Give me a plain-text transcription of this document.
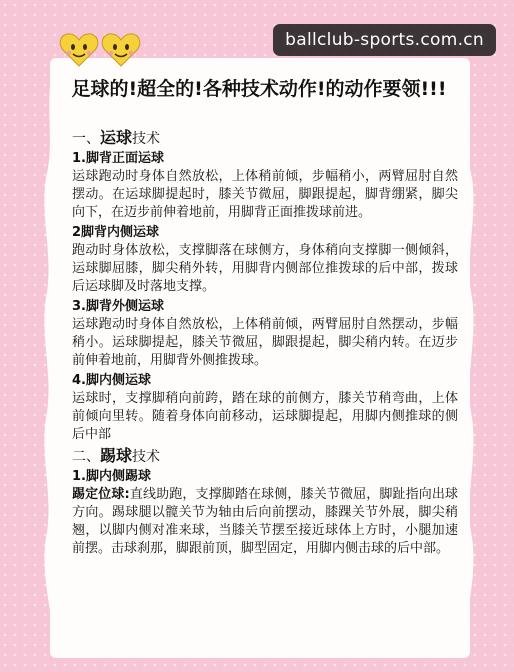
ballclub-sports.com.cn
足球的!超全的!各种技术动作!的动作要领!!!
一、运球技术
1.脚背正面运球

运球跑动时身体自然放松，上体稍前倾，步幅稍小，两臂屈肘自然摆动。在运球脚提起时，膝关节微屈，脚跟提起，脚背绷紧，脚尖向下，在迈步前伸着地前，用脚背正面推拨球前进。

2脚背内侧运球

跑动时身体放松，支撑脚落在球侧方，身体稍向支撑脚一侧倾斜，运球脚屈膝，脚尖稍外转，用脚背内侧部位推拨球的后中部，拨球后运球脚及时落地支撑。

3.脚背外侧运球

运球跑动时身体自然放松，上体稍前倾，两臂屈肘自然摆动，步幅稍小。运球脚提起，膝关节微屈，脚跟提起，脚尖稍内转。在迈步前伸着地前，用脚背外侧推拨球。

4.脚内侧运球

运球时，支撑脚稍向前跨，踏在球的前侧方，膝关节稍弯曲，上体前倾向里转。随着身体向前移动，运球脚提起，用脚内侧推球的侧后中部

二、踢球技术
1.脚内侧踢球

踢定位球:直线助跑，支撑脚踏在球侧，膝关节微屈，脚趾指向出球方向。踢球腿以髋关节为轴由后向前摆动，膝踝关节外展，脚尖稍翘，以脚内侧对准来球，当膝关节摆至接近球体上方时，小腿加速前摆。击球刹那，脚跟前顶，脚型固定，用脚内侧击球的后中部。
